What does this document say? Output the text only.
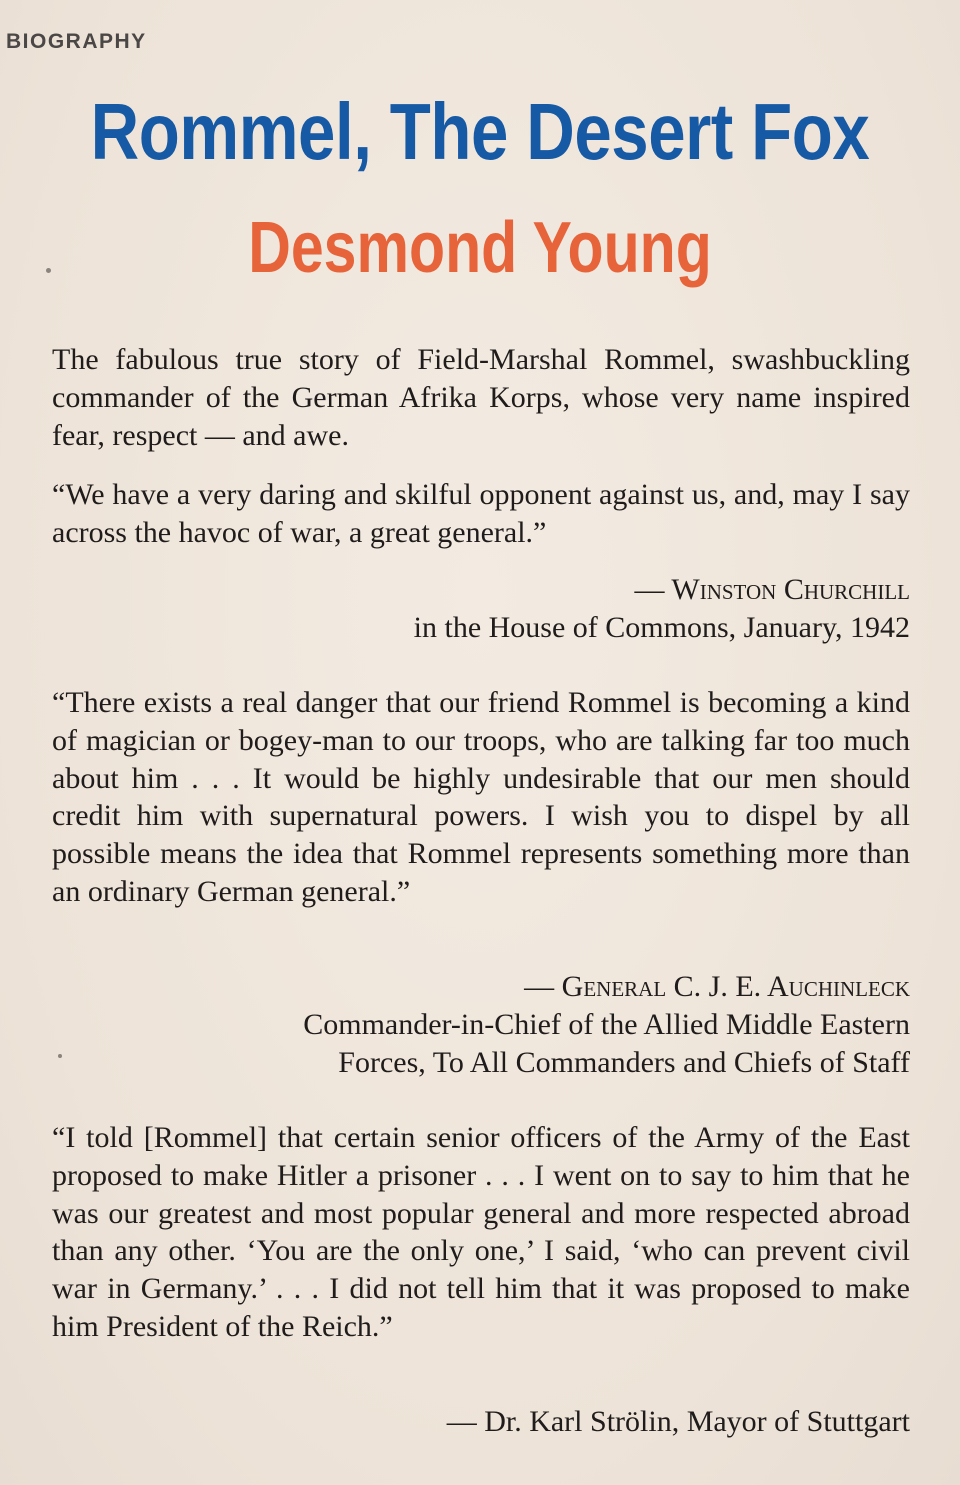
BIOGRAPHY
Rommel, The Desert Fox
Desmond Young
The fabulous true story of Field-Marshal Rommel, swashbuckling commander of the German Afrika Korps, whose very name inspired fear, respect — and awe.
“We have a very daring and skilful opponent against us, and, may I say across the havoc of war, a great general.”
— Winston Churchill
in the House of Commons, January, 1942
“There exists a real danger that our friend Rommel is becoming a kind of magician or bogey-man to our troops, who are talking far too much about him . . . It would be highly undesirable that our men should credit him with supernatural powers. I wish you to dispel by all possible means the idea that Rommel represents something more than an ordinary German general.”
— General C. J. E. Auchinleck
Commander-in-Chief of the Allied Middle Eastern
Forces, To All Commanders and Chiefs of Staff
“I told [Rommel] that certain senior officers of the Army of the East proposed to make Hitler a prisoner . . . I went on to say to him that he was our greatest and most popular general and more respected abroad than any other. ‘You are the only one,’ I said, ‘who can prevent civil war in Germany.’ . . . I did not tell him that it was proposed to make him President of the Reich.”
— Dr. Karl Strölin, Mayor of Stuttgart
